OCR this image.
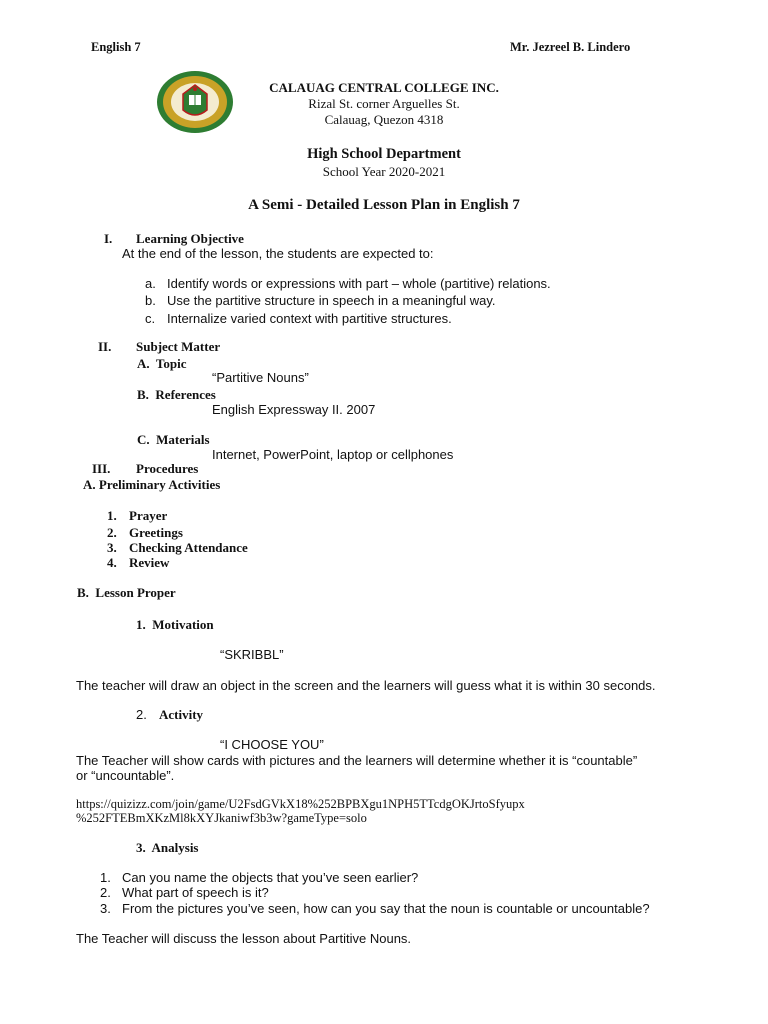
English 7	Mr. Jezreel B. Lindero
CALAUAG CENTRAL COLLEGE INC.
Rizal St. corner Arguelles St.
Calauag, Quezon 4318
High School Department
School Year 2020-2021
A Semi - Detailed Lesson Plan in English 7
I. Learning Objective
At the end of the lesson, the students are expected to:
a. Identify words or expressions with part – whole (partitive) relations.
b. Use the partitive structure in speech in a meaningful way.
c. Internalize varied context with partitive structures.
II. Subject Matter
A.  Topic
“Partitive Nouns”
B.  References
English Expressway II. 2007
C.  Materials
Internet, PowerPoint, laptop or cellphones
III. Procedures
A. Preliminary Activities
1. Prayer
2. Greetings
3. Checking Attendance
4. Review
B.  Lesson Proper
1.  Motivation
“SKRIBBL”
The teacher will draw an object in the screen and the learners will guess what it is within 30 seconds.
2. Activity
“I CHOOSE YOU”
The Teacher will show cards with pictures and the learners will determine whether it is “countable”
or “uncountable”.
https://quizizz.com/join/game/U2FsdGVkX18%252BPBXgu1NPH5TTcdgOKJrtoSfyupx
%252FTEBmXKzMl8kXYJkaniwf3b3w?gameType=solo
3.  Analysis
1. Can you name the objects that you’ve seen earlier?
2. What part of speech is it?
3. From the pictures you’ve seen, how can you say that the noun is countable or uncountable?
The Teacher will discuss the lesson about Partitive Nouns.
